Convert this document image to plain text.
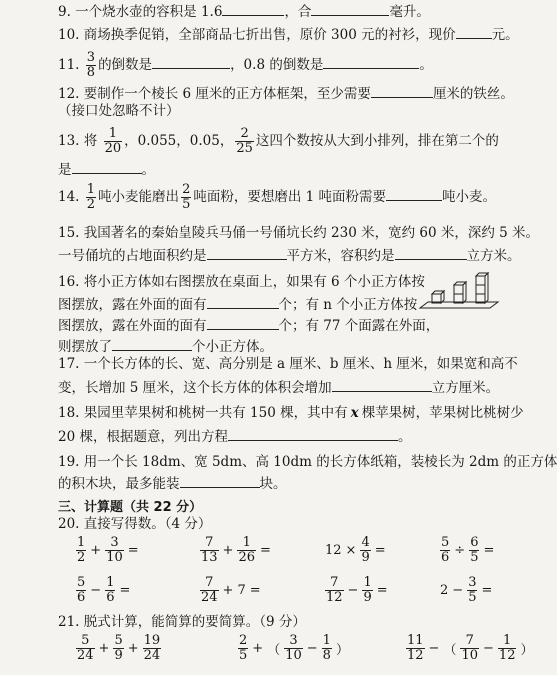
9. 一个烧水壶的容积是 1.6	，合	毫升。
10. 商场换季促销，全部商品七折出售，原价 300 元的衬衫，现价	元。
11. $\frac{3}{8}$ 的倒数是	，0.8 的倒数是	。
12. 要制作一个棱长 6 厘米的正方体框架，至少需要	厘米的铁丝。
（接口处忽略不计）
13. 将 $\frac{1}{20}$ ，0.055，0.05， $\frac{2}{25}$ 这四个数按从大到小排列，排在第二个的
是	。
14. $\frac{1}{2}$ 吨小麦能磨出 $\frac{2}{5}$ 吨面粉，要想磨出 1 吨面粉需要	吨小麦。
15. 我国著名的秦始皇陵兵马俑一号俑坑长约 230 米，宽约 60 米，深约 5 米。
一号俑坑的占地面积约是	平方米，容积约是	立方米。
16. 将小正方体如右图摆放在桌面上，如果有 6 个小正方体按
图摆放，露在外面的面有	个；有 n 个小正方体按
图摆放，露在外面的面有	个；有 77 个面露在外面，
则摆放了	个小正方体。
17. 一个长方体的长、宽、高分别是 a 厘米、b 厘米、h 厘米，如果宽和高不
变，长增加 5 厘米，这个长方体的体积会增加	立方厘米。
18. 果园里苹果树和桃树一共有 150 棵，其中有 x 棵苹果树，苹果树比桃树少
20 棵，根据题意，列出方程	。
19. 用一个长 18dm、宽 5dm、高 10dm 的长方体纸箱，装棱长为 2dm 的正方体
的积木块，最多能装	块。
三、计算题（共 22 分）
20. 直接写得数。（4 分）
$\frac{1}{2} + \frac{3}{10}$ =	$\frac{7}{13} + \frac{1}{26}$ =	$12 \times \frac{4}{9}$ =	$\frac{5}{6} \div \frac{6}{5}$ =
$\frac{5}{6} - \frac{1}{6}$ =	$\frac{7}{24} + 7$ =	$\frac{7}{12} - \frac{1}{9}$ =	$2 - \frac{3}{5}$ =
21. 脱式计算，能简算的要简算。（9 分）
$\frac{5}{24} + \frac{5}{9} + \frac{19}{24}$	$\frac{2}{5}$ + （ $\frac{3}{10} - \frac{1}{8}$ ）	$\frac{11}{12}$ − （ $\frac{7}{10} - \frac{1}{12}$ ）
